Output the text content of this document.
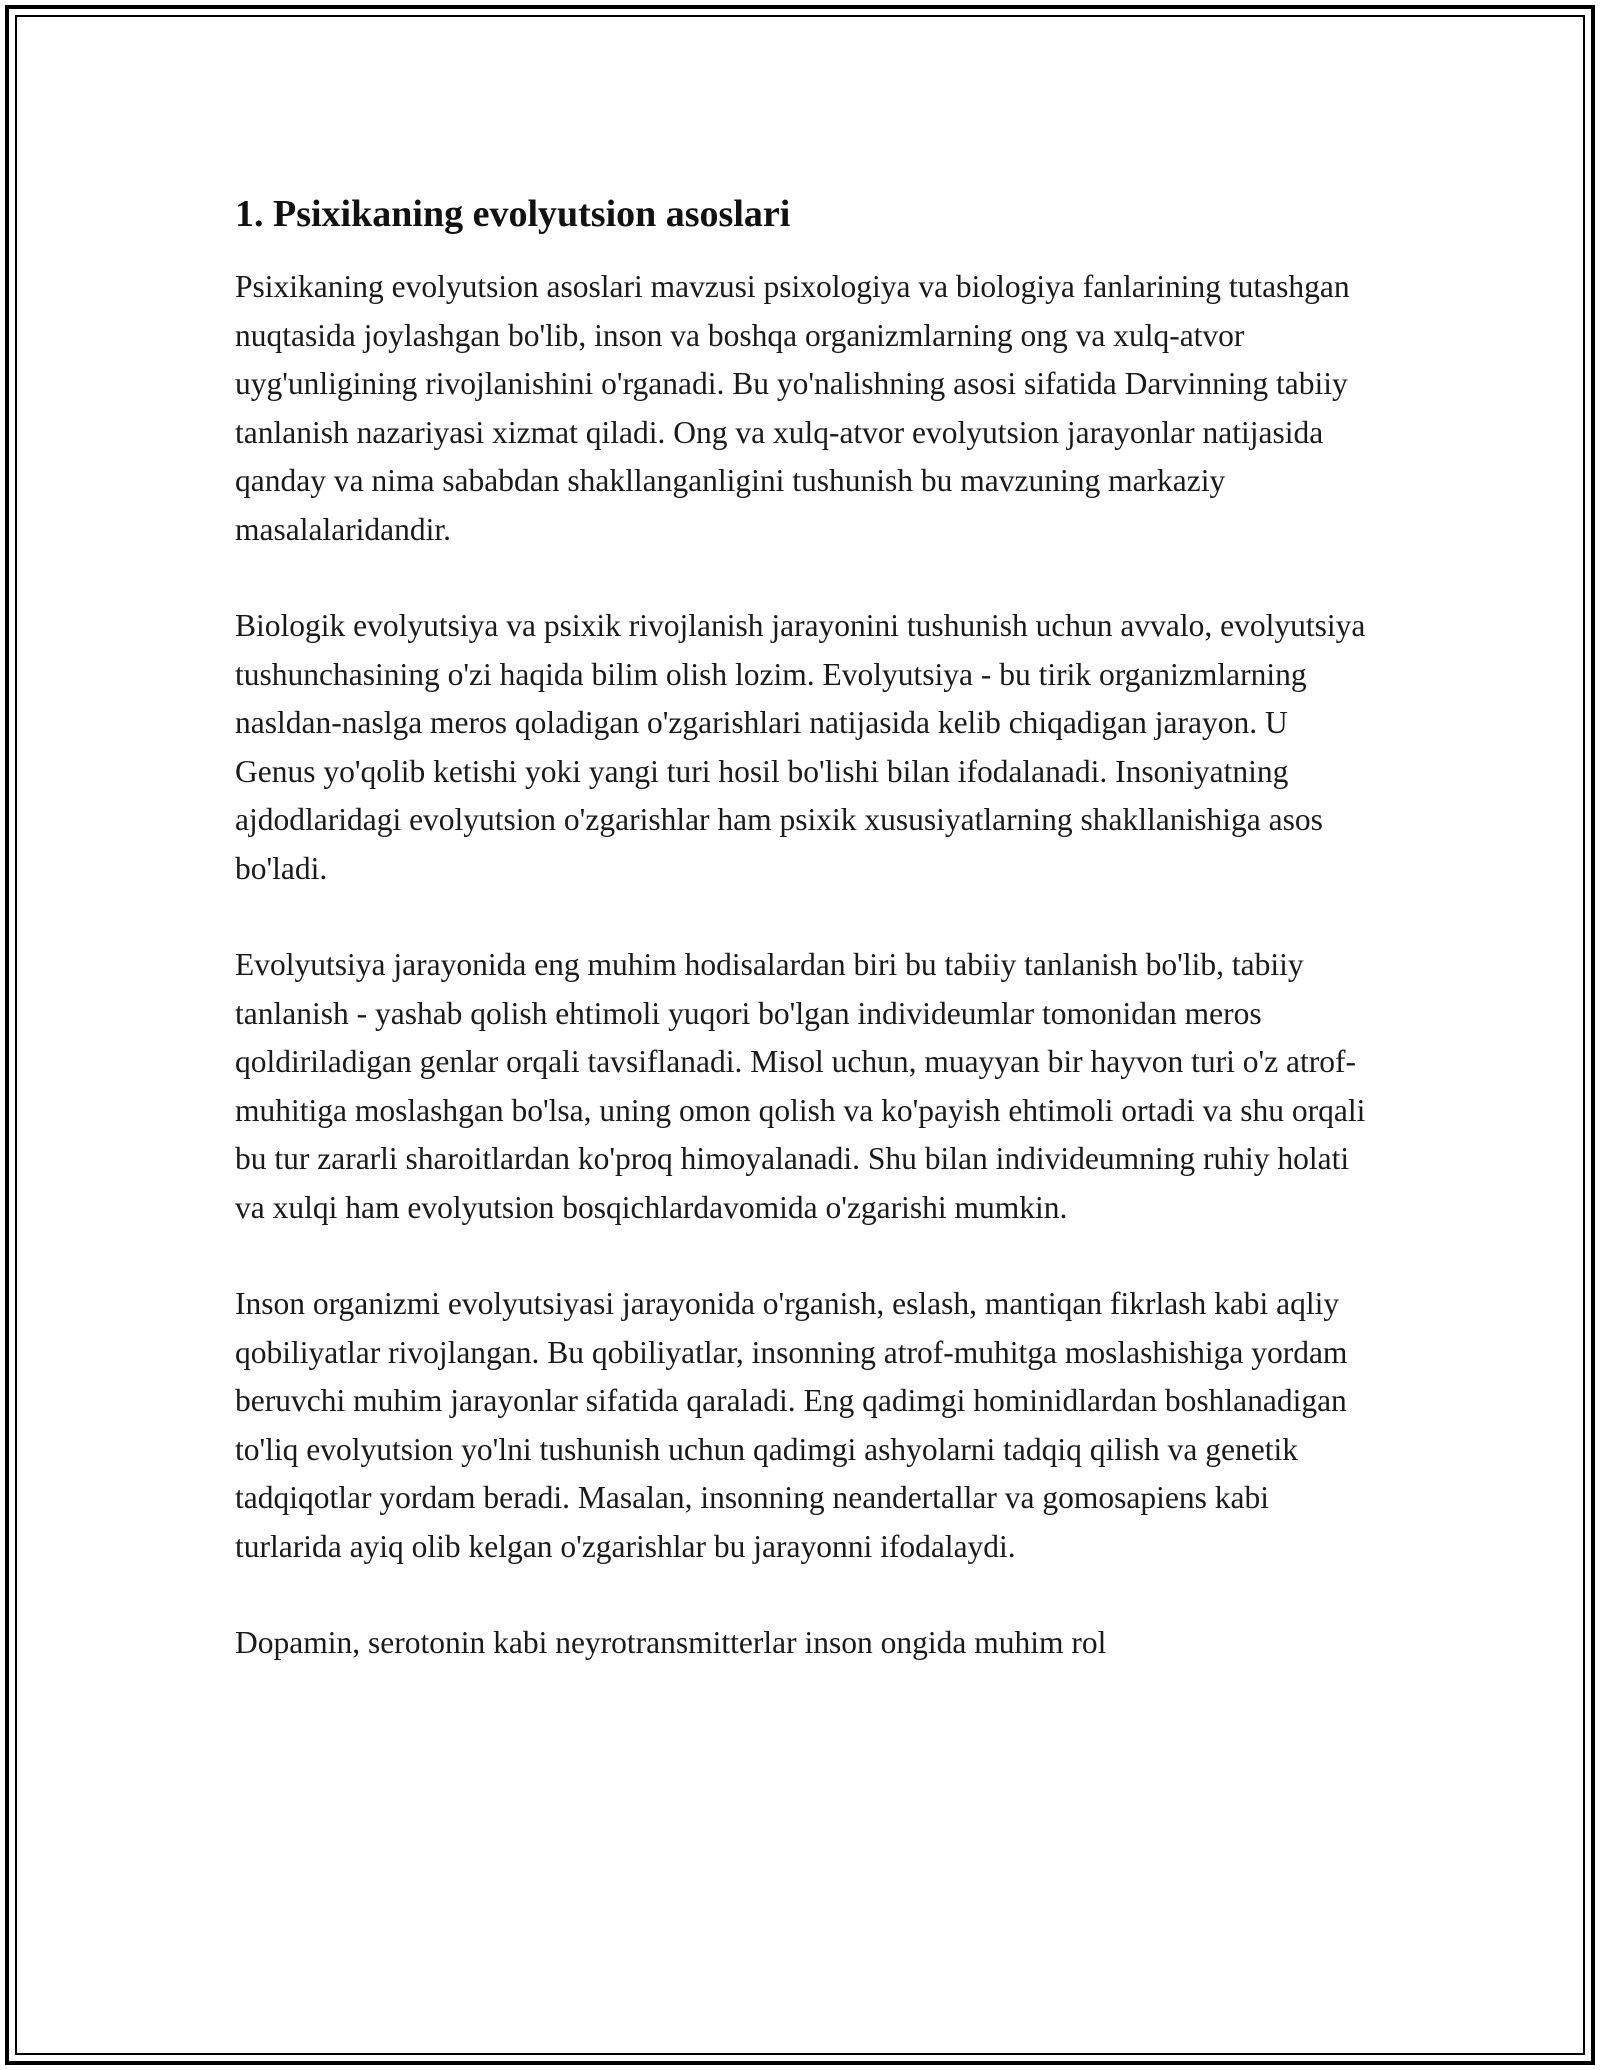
1. Psixikaning evolyutsion asoslari

Psixikaning evolyutsion asoslari mavzusi psixologiya va biologiya fanlarining tutashgan nuqtasida joylashgan bo'lib, inson va boshqa organizmlarning ong va xulq-atvor uyg'unligining rivojlanishini o'rganadi. Bu yo'nalishning asosi sifatida Darvinning tabiiy tanlanish nazariyasi xizmat qiladi. Ong va xulq-atvor evolyutsion jarayonlar natijasida qanday va nima sababdan shakllanganligini tushunish bu mavzuning markaziy masalalaridandir.

Biologik evolyutsiya va psixik rivojlanish jarayonini tushunish uchun avvalo, evolyutsiya tushunchasining o'zi haqida bilim olish lozim. Evolyutsiya - bu tirik organizmlarning nasldan-naslga meros qoladigan o'zgarishlari natijasida kelib chiqadigan jarayon. U Genus yo'qolib ketishi yoki yangi turi hosil bo'lishi bilan ifodalanadi. Insoniyatning ajdodlaridagi evolyutsion o'zgarishlar ham psixik xususiyatlarning shakllanishiga asos bo'ladi.

Evolyutsiya jarayonida eng muhim hodisalardan biri bu tabiiy tanlanish bo'lib, tabiiy tanlanish - yashab qolish ehtimoli yuqori bo'lgan individeumlar tomonidan meros qoldiriladigan genlar orqali tavsiflanadi. Misol uchun, muayyan bir hayvon turi o'z atrof-muhitiga moslashgan bo'lsa, uning omon qolish va ko'payish ehtimoli ortadi va shu orqali bu tur zararli sharoitlardan ko'proq himoyalanadi. Shu bilan individeumning ruhiy holati va xulqi ham evolyutsion bosqichlardavomida o'zgarishi mumkin.

Inson organizmi evolyutsiyasi jarayonida o'rganish, eslash, mantiqan fikrlash kabi aqliy qobiliyatlar rivojlangan. Bu qobiliyatlar, insonning atrof-muhitga moslashishiga yordam beruvchi muhim jarayonlar sifatida qaraladi. Eng qadimgi hominidlardan boshlanadigan to'liq evolyutsion yo'lni tushunish uchun qadimgi ashyolarni tadqiq qilish va genetik tadqiqotlar yordam beradi. Masalan, insonning neandertallar va gomosapiens kabi turlarida ayiq olib kelgan o'zgarishlar bu jarayonni ifodalaydi.

Dopamin, serotonin kabi neyrotransmitterlar inson ongida muhim rol
